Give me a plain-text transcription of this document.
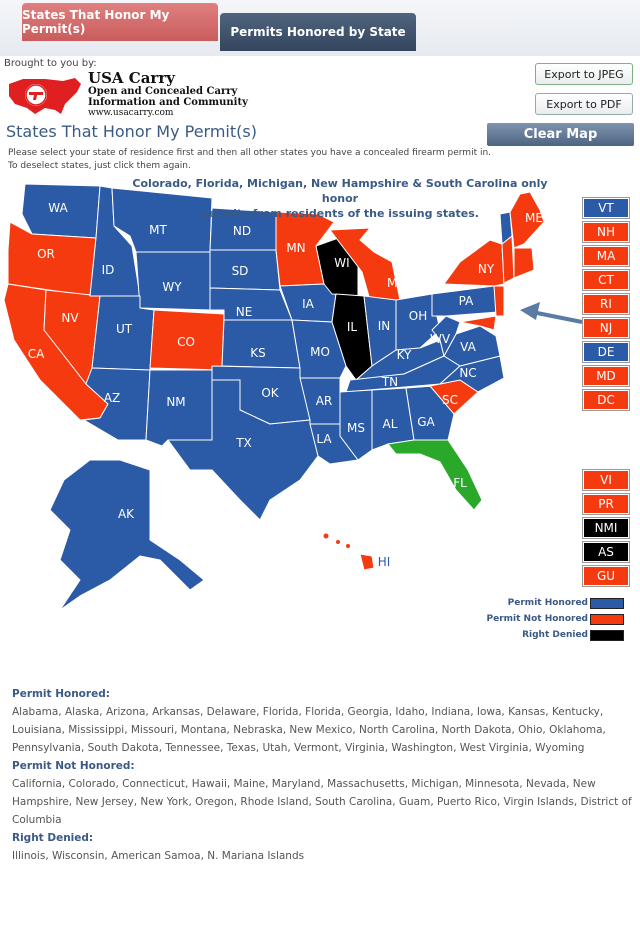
States That Honor My Permit(s)	Permits Honored by State
Brought to you by:
USA Carry
Open and Concealed Carry
Information and Community
www.usacarry.com
Export to JPEG
Export to PDF
States That Honor My Permit(s)	Clear Map
Please select your state of residence first and then all other states you have a concealed firearm permit in.
To deselect states, just click them again.
WA
OR
CA
ID
NV
MT
WY
UT
AZ
CO
NM
ND
SD
NE
KS
OK
TX
MN
IA
MO
AR
LA
WI
IL
MI
IN
OH
KY
TN
MS AL GA
FL
SC
NC
VA
WV
PA
NY
ME
AK
HI
Colorado, Florida, Michigan, New Hampshire & South Carolina only honor
permits from residents of the issuing states.	VT
NH
MA
CT
RI
NJ
DE
MD
DC
VI
PR
NMI
AS
GU
Permit Honored
Permit Not Honored
Right Denied
Permit Honored:
Alabama, Alaska, Arizona, Arkansas, Delaware, Florida, Florida, Georgia, Idaho, Indiana, Iowa, Kansas, Kentucky, Louisiana, Mississippi, Missouri, Montana, Nebraska, New Mexico, North Carolina, North Dakota, Ohio, Oklahoma, Pennsylvania, South Dakota, Tennessee, Texas, Utah, Vermont, Virginia, Washington, West Virginia, Wyoming
Permit Not Honored:
California, Colorado, Connecticut, Hawaii, Maine, Maryland, Massachusetts, Michigan, Minnesota, Nevada, New Hampshire, New Jersey, New York, Oregon, Rhode Island, South Carolina, Guam, Puerto Rico, Virgin Islands, District of Columbia
Right Denied:
Illinois, Wisconsin, American Samoa, N. Mariana Islands
